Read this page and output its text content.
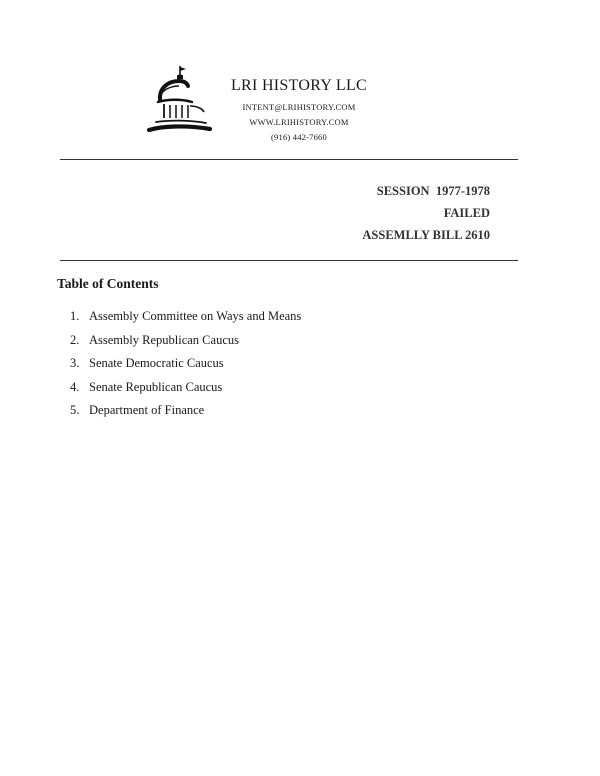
LRI HISTORY LLC
INTENT@LRIHISTORY.COM
WWW.LRIHISTORY.COM
(916) 442-7660
SESSION  1977-1978
FAILED
ASSEMLLY BILL 2610
Table of Contents
1. Assembly Committee on Ways and Means
2. Assembly Republican Caucus
3. Senate Democratic Caucus
4. Senate Republican Caucus
5. Department of Finance
